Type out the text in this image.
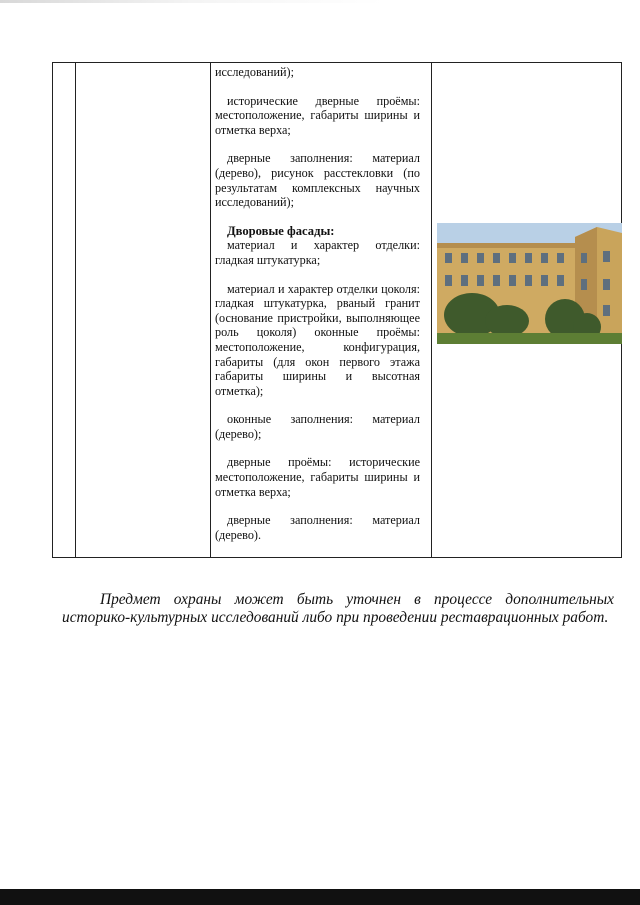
исследований);

исторические дверные проёмы: местоположение, габариты ширины и отметка верха;

дверные заполнения: материал (дерево), рисунок расстекловки (по результатам комплексных научных исследований);

Дворовые фасады:

материал и характер отделки: гладкая штукатурка;

материал и характер отделки цоколя: гладкая штукатурка, рваный гранит (основание пристройки, выполняющее роль цоколя) оконные проёмы: местоположение, конфигурация, габариты (для окон первого этажа габариты ширины и высотная отметка);

оконные заполнения: материал (дерево);

дверные проёмы: исторические местоположение, габариты ширины и отметка верха;

дверные заполнения: материал (дерево).

Предмет охраны может быть уточнен в процессе дополнительных историко-культурных исследований либо при проведении реставрационных работ.
